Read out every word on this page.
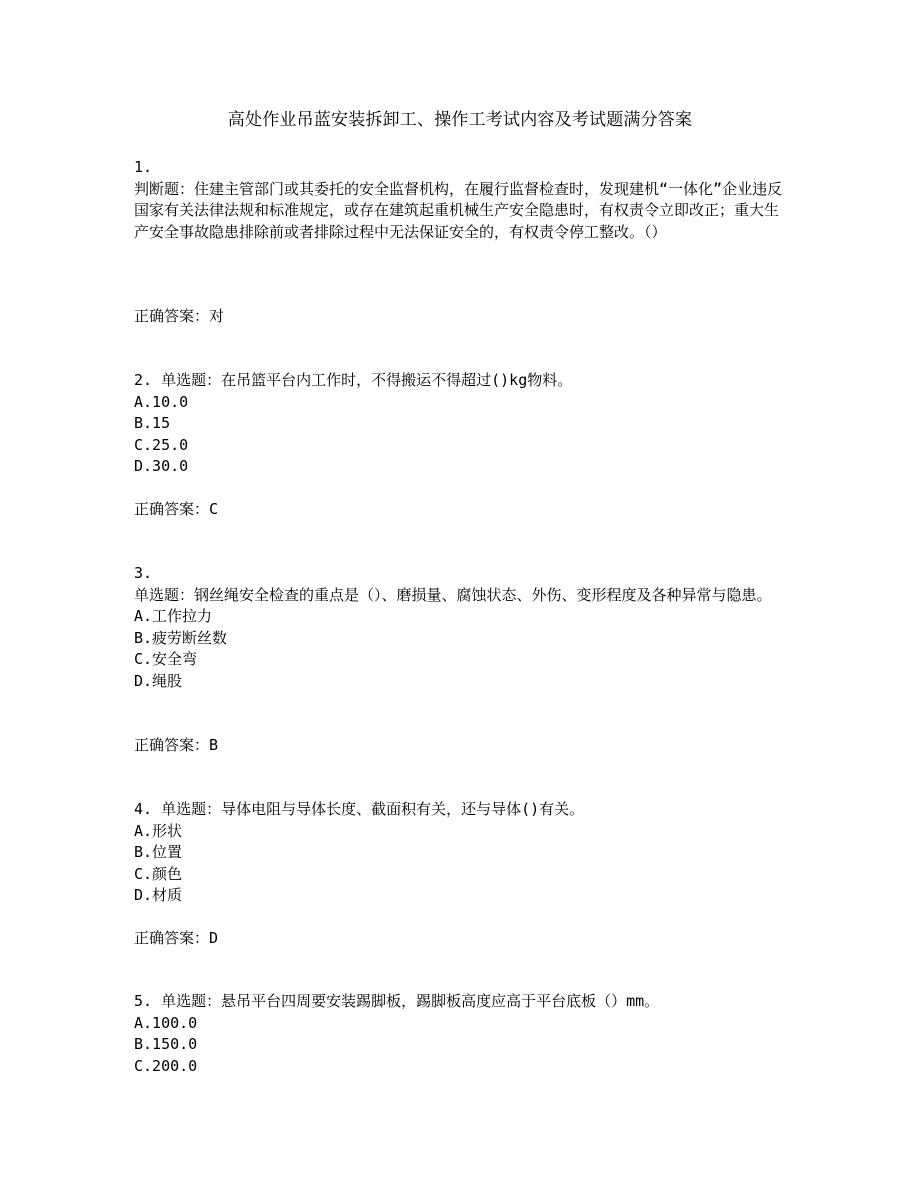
高处作业吊蓝安装拆卸工、操作工考试内容及考试题满分答案
1.
判断题：住建主管部门或其委托的安全监督机构，在履行监督检查时，发现建机“一体化”企业违反国家有关法律法规和标准规定，或存在建筑起重机械生产安全隐患时，有权责令立即改正；重大生产安全事故隐患排除前或者排除过程中无法保证安全的，有权责令停工整改。（）
正确答案：对
2. 单选题：在吊篮平台内工作时，不得搬运不得超过()kg物料。
A.10.0
B.15
C.25.0
D.30.0
正确答案：C
3.
单选题：钢丝绳安全检查的重点是（）、磨损量、腐蚀状态、外伤、变形程度及各种异常与隐患。
A.工作拉力
B.疲劳断丝数
C.安全弯
D.绳股
正确答案：B
4. 单选题：导体电阻与导体长度、截面积有关，还与导体()有关。
A.形状
B.位置
C.颜色
D.材质
正确答案：D
5. 单选题：悬吊平台四周要安装踢脚板，踢脚板高度应高于平台底板（）mm。
A.100.0
B.150.0
C.200.0
